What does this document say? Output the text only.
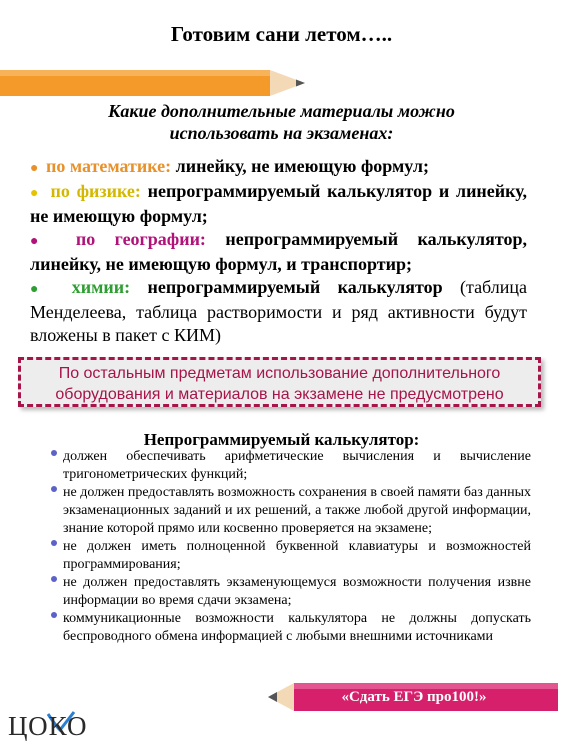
Готовим сани летом…..
Какие дополнительные материалы можно использовать на экзаменах:

● по математике: линейку, не имеющую формул;

● по физике: непрограммируемый калькулятор и линейку, не имеющую формул;

● по географии: непрограммируемый калькулятор, линейку, не имеющую формул, и транспортир;

● химии: непрограммируемый калькулятор (таблица Менделеева, таблица растворимости и ряд активности будут вложены в пакет с КИМ)

По остальным предметам использование дополнительного оборудования и материалов на экзамене не предусмотрено
Непрограммируемый калькулятор:

должен обеспечивать арифметические вычисления и вычисление тригонометрических функций;

не должен предоставлять возможность сохранения в своей памяти баз данных экзаменационных заданий и их решений, а также любой другой информации, знание которой прямо или косвенно проверяется на экзамене;

не должен иметь полноценной буквенной клавиатуры и возможностей программирования;

не должен предоставлять экзаменующемуся возможности получения извне информации во время сдачи экзамена;

коммуникационные возможности калькулятора не должны допускать беспроводного обмена информацией с любыми внешними источниками

«Сдать ЕГЭ про100!»
ЦОКО
